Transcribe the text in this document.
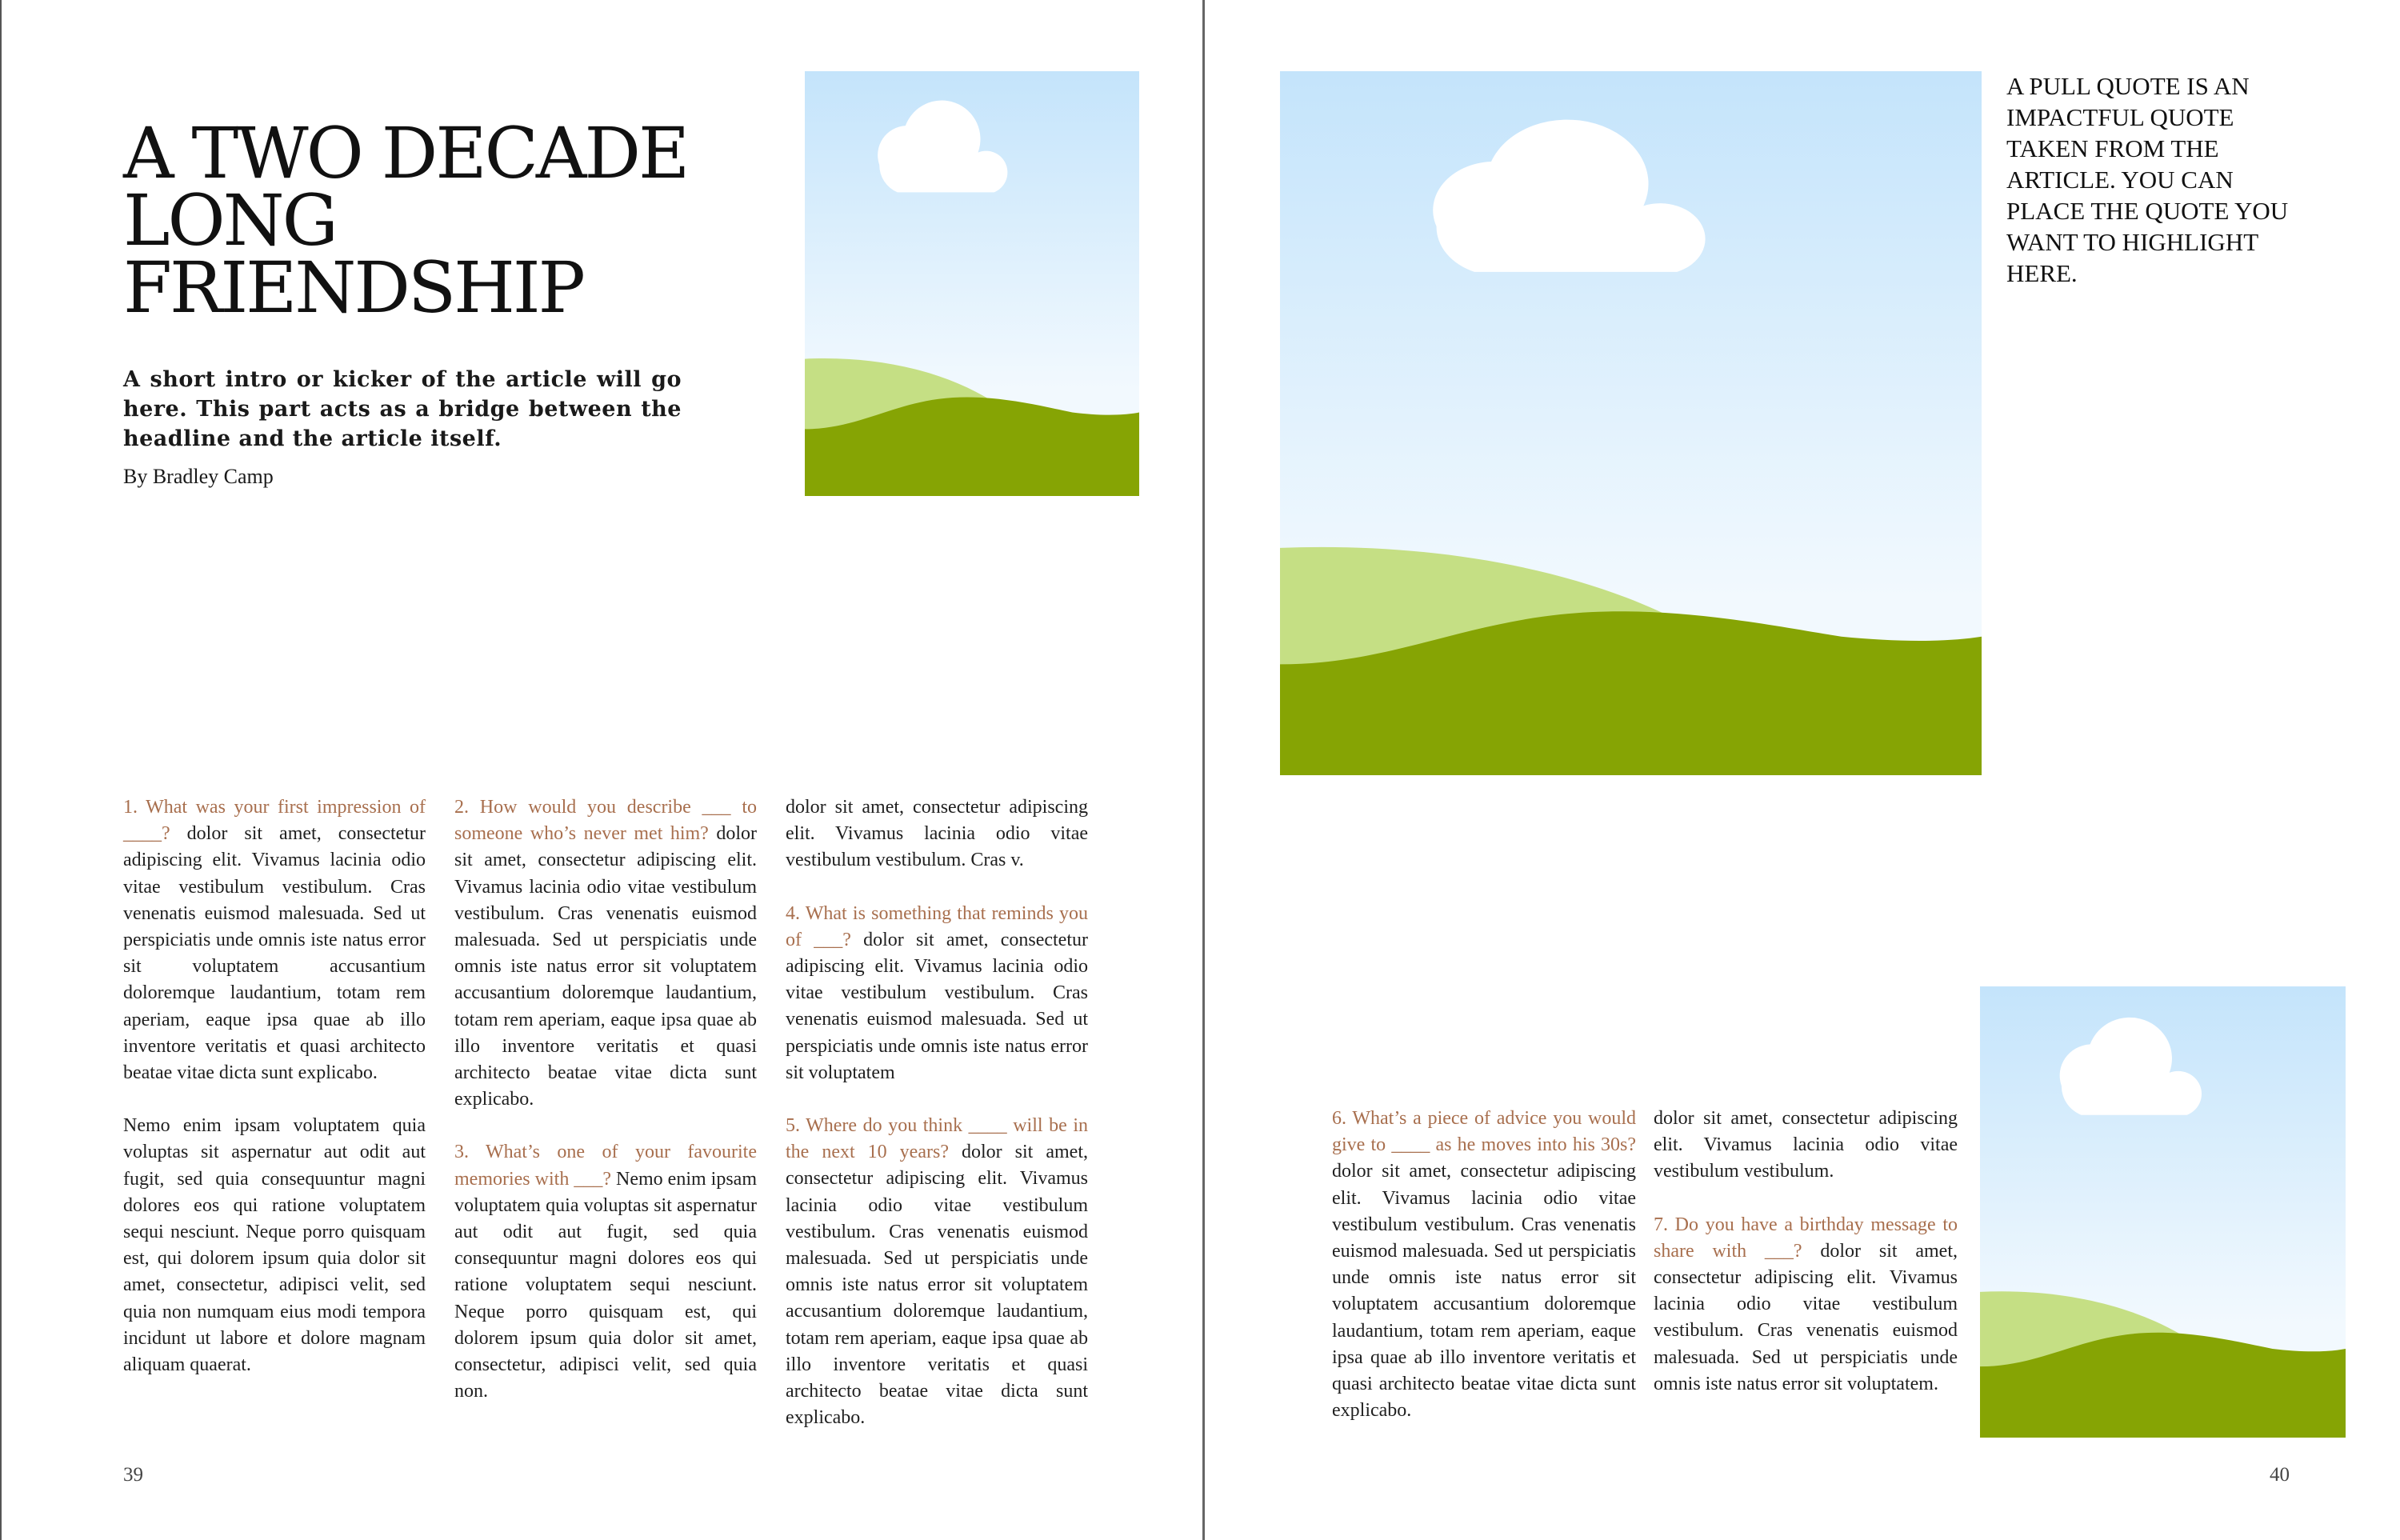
A TWO DECADE
LONG
FRIENDSHIP

A short intro or kicker of the article will go here. This part acts as a bridge between the headline and the article itself.

By Bradley Camp

1. What was your first impression of ____? dolor sit amet, consectetur adipiscing elit. Vivamus lacinia odio vitae vestibulum vestibulum. Cras venenatis euismod malesuada. Sed ut perspiciatis unde omnis iste natus error sit voluptatem accusantium doloremque laudantium, totam rem aperiam, eaque ipsa quae ab illo inventore veritatis et quasi architecto beatae vitae dicta sunt explicabo.

Nemo enim ipsam voluptatem quia voluptas sit aspernatur aut odit aut fugit, sed quia consequuntur magni dolores eos qui ratione voluptatem sequi nesciunt. Neque porro quisquam est, qui dolorem ipsum quia dolor sit amet, consectetur, adipisci velit, sed quia non numquam eius modi tempora incidunt ut labore et dolore magnam aliquam quaerat.

2. How would you describe ___ to someone who’s never met him? dolor sit amet, consectetur adipiscing elit. Vivamus lacinia odio vitae vestibulum vestibulum. Cras venenatis euismod malesuada. Sed ut perspiciatis unde omnis iste natus error sit voluptatem accusantium doloremque laudantium, totam rem aperiam, eaque ipsa quae ab illo inventore veritatis et quasi architecto beatae vitae dicta sunt explicabo.

3. What’s one of your favourite memories with ___? Nemo enim ipsam voluptatem quia voluptas sit aspernatur aut odit aut fugit, sed quia consequuntur magni dolores eos qui ratione voluptatem sequi nesciunt. Neque porro quisquam est, qui dolorem ipsum quia dolor sit amet, consectetur, adipisci velit, sed quia non.

dolor sit amet, consectetur adipiscing elit. Vivamus lacinia odio vitae vestibulum vestibulum. Cras v.

4. What is something that reminds you of ___? dolor sit amet, consectetur adipiscing elit. Vivamus lacinia odio vitae vestibulum vestibulum. Cras venenatis euismod malesuada. Sed ut perspiciatis unde omnis iste natus error sit voluptatem

5. Where do you think ____ will be in the next 10 years? dolor sit amet, consectetur adipiscing elit. Vivamus lacinia odio vitae vestibulum vestibulum. Cras venenatis euismod malesuada. Sed ut perspiciatis unde omnis iste natus error sit voluptatem accusantium doloremque laudantium, totam rem aperiam, eaque ipsa quae ab illo inventore veritatis et quasi architecto beatae vitae dicta sunt explicabo.

39

A PULL QUOTE IS AN IMPACTFUL QUOTE TAKEN FROM THE ARTICLE. YOU CAN PLACE THE QUOTE YOU WANT TO HIGHLIGHT HERE.

6. What’s a piece of advice you would give to ____ as he moves into his 30s? dolor sit amet, consectetur adipiscing elit. Vivamus lacinia odio vitae vestibulum vestibulum. Cras venenatis euismod malesuada. Sed ut perspiciatis unde omnis iste natus error sit voluptatem accusantium doloremque laudantium, totam rem aperiam, eaque ipsa quae ab illo inventore veritatis et quasi architecto beatae vitae dicta sunt explicabo.

dolor sit amet, consectetur adipiscing elit. Vivamus lacinia odio vitae vestibulum vestibulum.

7. Do you have a birthday message to share with ___? dolor sit amet, consectetur adipiscing elit. Vivamus lacinia odio vitae vestibulum vestibulum. Cras venenatis euismod malesuada. Sed ut perspiciatis unde omnis iste natus error sit voluptatem.

40
